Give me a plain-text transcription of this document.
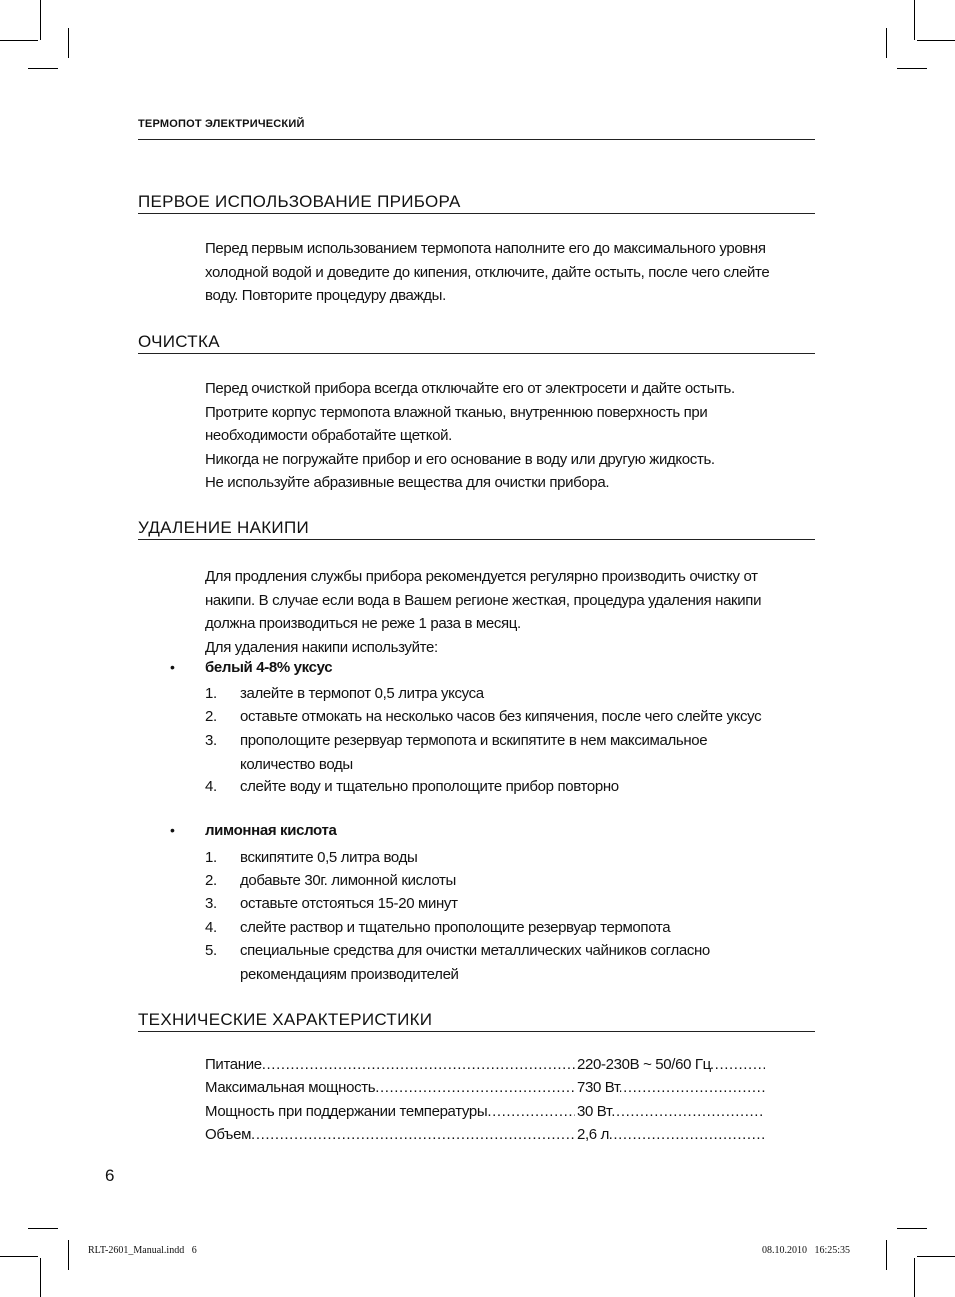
ТЕРМОПОТ ЭЛЕКТРИЧЕСКИЙ
ПЕРВОЕ ИСПОЛЬЗОВАНИЕ ПРИБОРА

Перед первым использованием термопота наполните его до максимального уровня

холодной водой и доведите до кипения, отключите, дайте остыть, после чего слейте

воду. Повторите процедуру дважды.

ОЧИСТКА

Перед очисткой прибора всегда отключайте его от электросети и дайте остыть.

Протрите корпус термопота влажной тканью, внутреннюю поверхность при

необходимости обработайте щеткой.

Никогда не погружайте прибор и его основание в воду или другую жидкость.

Не используйте абразивные вещества для очистки прибора.

УДАЛЕНИЕ НАКИПИ

Для продления службы прибора рекомендуется регулярно производить очистку от

накипи. В случае если вода в Вашем регионе жесткая, процедура удаления накипи

должна производиться не реже 1 раза в месяц.

Для удаления накипи используйте:

• белый 4-8% уксус
1. залейте в термопот 0,5 литра уксуса
2. оставьте отмокать на несколько часов без кипячения, после чего слейте уксус
3. прополощите резервуар термопота и вскипятите в нем максимальное
количество воды
4. слейте воду и тщательно прополощите прибор повторно
• лимонная кислота
1. вскипятите 0,5 литра воды
2. добавьте 30г. лимонной кислоты
3. оставьте отстояться 15-20 минут
4. слейте раствор и тщательно прополощите резервуар термопота
5. специальные средства для очистки металлических чайников согласно
рекомендациям производителей
ТЕХНИЧЕСКИЕ ХАРАКТЕРИСТИКИ
Питание .....	220-230В ~ 50/60 Гц
Максимальная мощность .....	730 Вт
Мощность при поддержании температуры .....	30 Вт
Объем .....	2,6 л
6
RLT-2601_Manual.indd   6	08.10.2010   16:25:35
